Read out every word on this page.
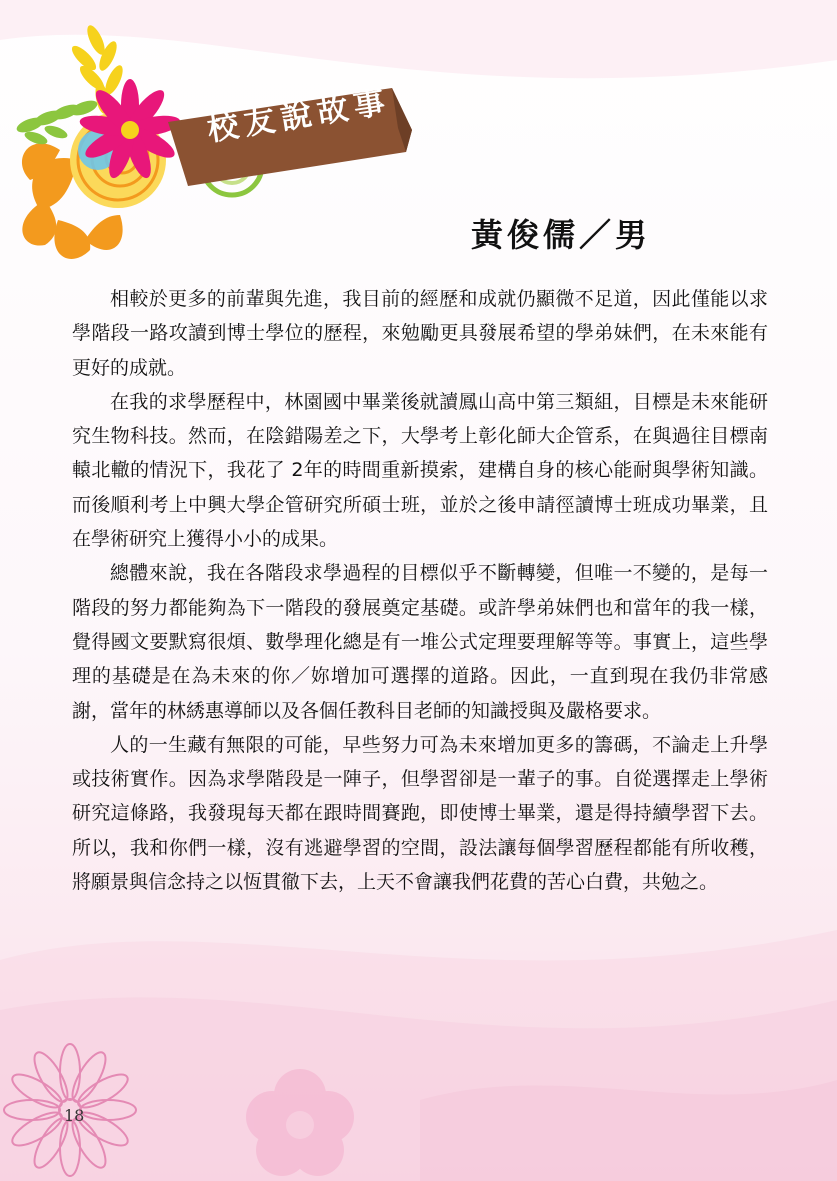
校友說故事
黃俊儒／男

相較於更多的前輩與先進，我目前的經歷和成就仍顯微不足道，因此僅能以求學階段一路攻讀到博士學位的歷程，來勉勵更具發展希望的學弟妹們，在未來能有更好的成就。

在我的求學歷程中，林園國中畢業後就讀鳳山高中第三類組，目標是未來能研究生物科技。然而，在陰錯陽差之下，大學考上彰化師大企管系，在與過往目標南轅北轍的情況下，我花了 2年的時間重新摸索，建構自身的核心能耐與學術知識。而後順利考上中興大學企管研究所碩士班，並於之後申請徑讀博士班成功畢業，且在學術研究上獲得小小的成果。

總體來說，我在各階段求學過程的目標似乎不斷轉變，但唯一不變的，是每一階段的努力都能夠為下一階段的發展奠定基礎。或許學弟妹們也和當年的我一樣，覺得國文要默寫很煩、數學理化總是有一堆公式定理要理解等等。事實上，這些學理的基礎是在為未來的你／妳增加可選擇的道路。因此，一直到現在我仍非常感謝，當年的林綉惠導師以及各個任教科目老師的知識授與及嚴格要求。

人的一生藏有無限的可能，早些努力可為未來增加更多的籌碼，不論走上升學或技術實作。因為求學階段是一陣子，但學習卻是一輩子的事。自從選擇走上學術研究這條路，我發現每天都在跟時間賽跑，即使博士畢業，還是得持續學習下去。所以，我和你們一樣，沒有逃避學習的空間，設法讓每個學習歷程都能有所收穫，將願景與信念持之以恆貫徹下去，上天不會讓我們花費的苦心白費，共勉之。

18
